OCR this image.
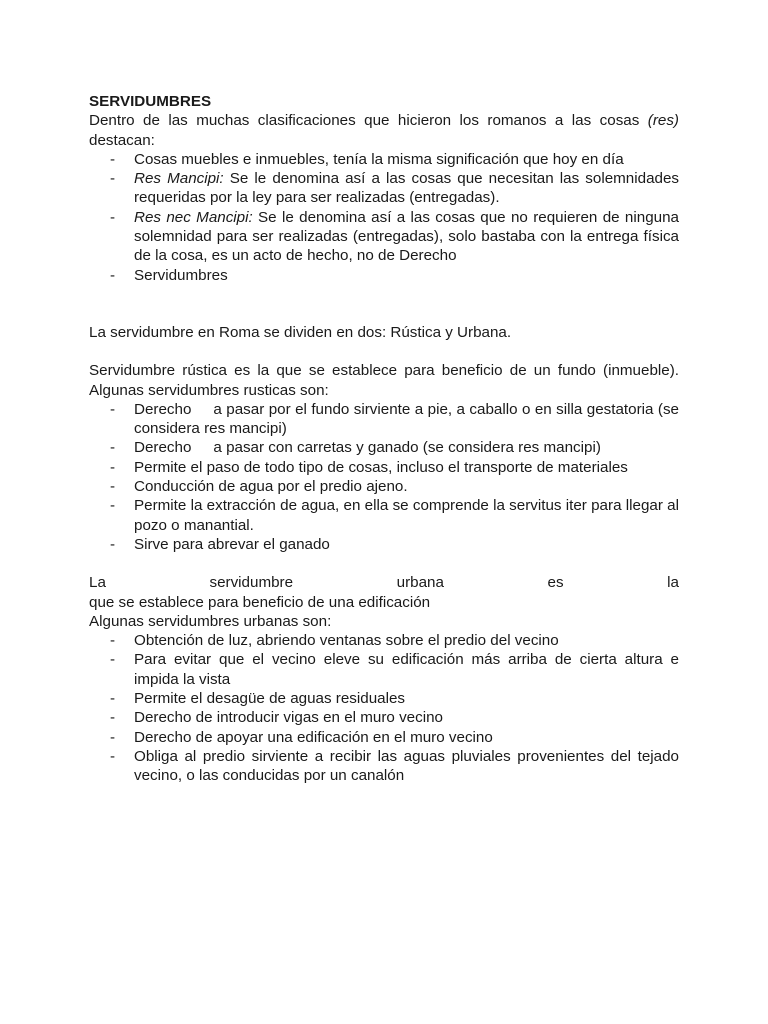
SERVIDUMBRES

Dentro de las muchas clasificaciones que hicieron los romanos a las cosas (res) destacan:

- Cosas muebles e inmuebles, tenía la misma significación que hoy en día
- Res Mancipi: Se le denomina así a las cosas que necesitan las solemnidades requeridas por la ley para ser realizadas (entregadas).
- Res nec Mancipi: Se le denomina así a las cosas que no requieren de ninguna solemnidad para ser realizadas (entregadas), solo bastaba con la entrega física de la cosa, es un acto de hecho, no de Derecho
- Servidumbres

La servidumbre en Roma se dividen en dos: Rústica y Urbana.

Servidumbre rústica es la que se establece para beneficio de un fundo (inmueble). Algunas servidumbres rusticas son:

- Derecho a pasar por el fundo sirviente a pie, a caballo o en silla gestatoria (se considera res mancipi)
- Derecho a pasar con carretas y ganado (se considera res mancipi)
- Permite el paso de todo tipo de cosas, incluso el transporte de materiales
- Conducción de agua por el predio ajeno.
- Permite la extracción de agua, en ella se comprende la servitus iter para llegar al pozo o manantial.
- Sirve para abrevar el ganado

La servidumbre urbana es la

que se establece para beneficio de una edificación

Algunas servidumbres urbanas son:

- Obtención de luz, abriendo ventanas sobre el predio del vecino
- Para evitar que el vecino eleve su edificación más arriba de cierta altura e impida la vista
- Permite el desagüe de aguas residuales
- Derecho de introducir vigas en el muro vecino
- Derecho de apoyar una edificación en el muro vecino
- Obliga al predio sirviente a recibir las aguas pluviales provenientes del tejado vecino, o las conducidas por un canalón
